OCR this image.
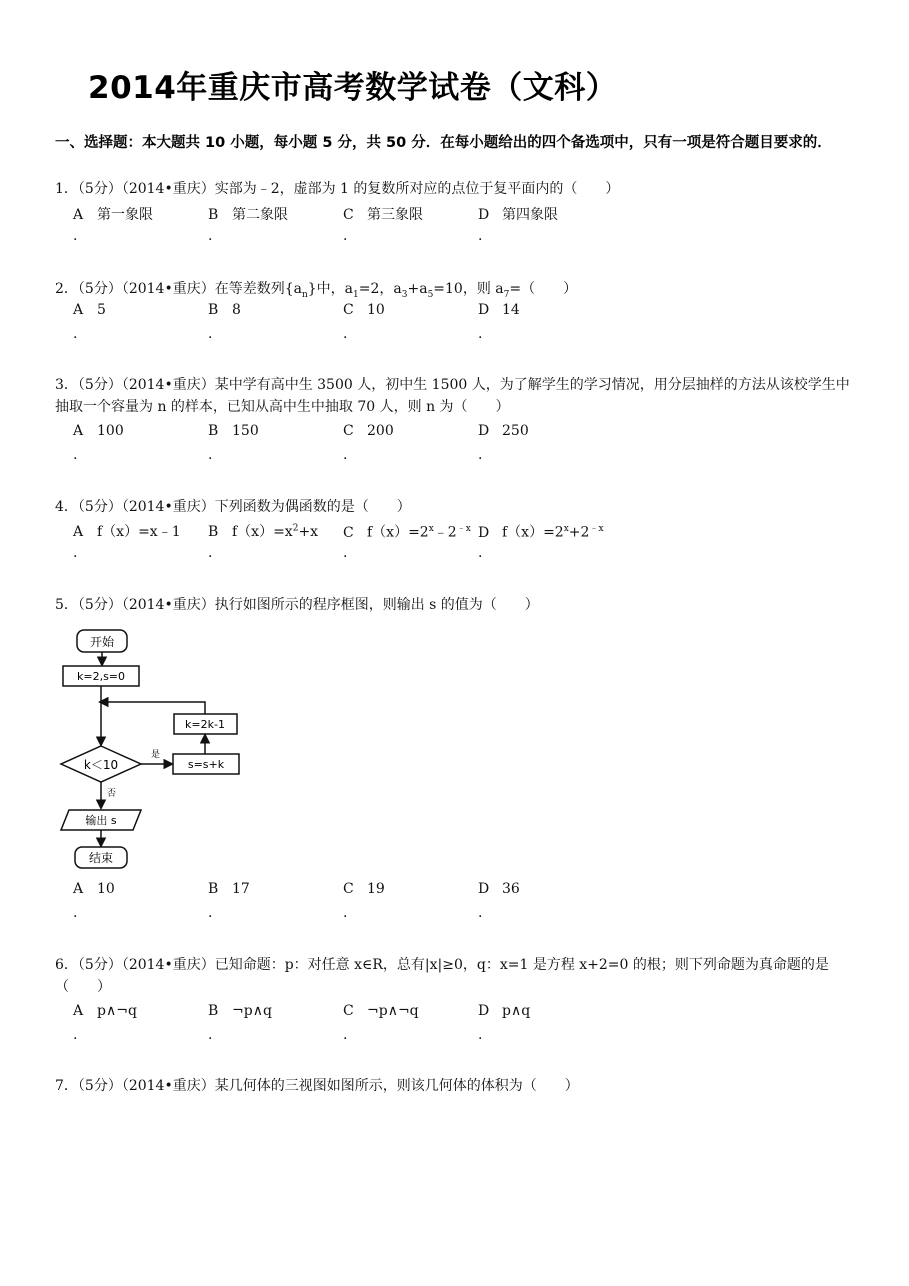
2014年重庆市高考数学试卷（文科）
一、选择题：本大题共 10 小题，每小题 5 分，共 50 分．在每小题给出的四个备选项中，只有一项是符合题目要求的．
1．（5分）（2014•重庆）实部为﹣2，虚部为 1 的复数所对应的点位于复平面内的（　　）
A 第一象限	B 第二象限	C 第三象限	D 第四象限
.	.	.	.
2．（5分）（2014•重庆）在等差数列$\{a_n\}$中，$a_1=2$，$a_3+a_5=10$，则 $a_7=$（　　）
A 5	B 8	C 10	D 14
.	.	.	.
3．（5分）（2014•重庆）某中学有高中生 3500 人，初中生 1500 人，为了解学生的学习情况，用分层抽样的方法从该校学生中抽取一个容量为 n 的样本，已知从高中生中抽取 70 人，则 n 为（　　）
A 100	B 150	C 200	D 250
.	.	.	.
4．（5分）（2014•重庆）下列函数为偶函数的是（　　）
A f（x）=x﹣1 B $f(x)=x^2+x$ C $f(x)=2^x﹣2^{﹣x}$ D $f(x)=2^x+2^{﹣x}$
.	.	.	.
5．（5分）（2014•重庆）执行如图所示的程序框图，则输出 s 的值为（　　）
开始
k=2,s=0
k=2k-1
k＜10
是
s=s+k
否
输出 s
结束
A 10	B 17	C 19	D 36
.	.	.	.
6．（5分）（2014•重庆）已知命题：p：对任意 x∈R，总有|x|≥0，q：x=1 是方程 x+2=0 的根；则下列命题为真命题的是（　　）
A p∧¬q	B ¬p∧q	C ¬p∧¬q	D p∧q
.	.	.	.
7．（5分）（2014•重庆）某几何体的三视图如图所示，则该几何体的体积为（　　）
